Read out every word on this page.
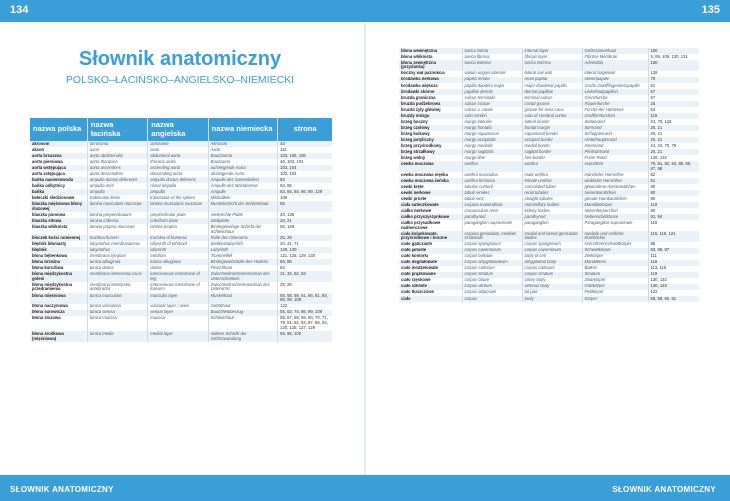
134	135
Słownik anatomiczny
POLSKO–ŁACIŃSKO–ANGIELSKO–NIEMIECKI
nazwa polska	nazwa łacińska	nazwa angielska	nazwa niemiecka	strona
akrosom	acrosoma	acrosome	Akrosom	44
akson	axon	axon	Axon	111
aorta brzuszna	aorta abdominalis	abdominal aorta	Bauchaorta	103, 105, 106
aorta piersiowa	aorta thoracica	thoracic aorta	Brustaorta	46, 103, 104
aorta wstępująca	aorta ascendens	ascending aorta	aufsteigende Aorta	103, 104
aorta zstępująca	aorta descendens	descending aorta	absteigende Aorta	103, 104
bańka nasieniowodu	ampulla ductus deferentis	ampulla ductus deferens	Ampulle des Samenleiters	84
bańka odbytnicy	ampulla recti	rectal ampulla	Ampulle des Mastdarmes	63, 85
bańka	ampulla	ampulla	Ampulle	63, 84, 84, 86, 99, 129
beleczki śledzionowe	trabeculae lienis	trabeculae of the spleen	Milzbalken	109
blaszka mięśniowa błony śluzowej	lamina muscularis mucosae	lamina muscularis mucosae	Muskelschicht der Schleimhaut	55
blaszka pionowa	lamina perpendicularis	perpendicular plate	senkrechte Platte	20, 135
blaszka sitowa	lamina cribrosa	cribriform plate	Siebplatte	20, 21
blaszka włóknista	lamina propria mucosae	lamina propria	Bindegewebige Schicht der Schleimhaut	55, 129
bloczek kości ramiennej	trochlea humeri	trochlea of humerus	Rolle des Oberarms	25, 28
błędnik błoniasty	labyrinthus membranaceus	labyrinth of ethmoid	Siebbeinlabyrinth	20, 21, 71
błędnik	labyrinthus	labyrinth	Labyrinth	129, 130
błona bębenkowa	membrana tympani	eardrum	Trommelfell	121, 128, 129, 130
błona brzeżna	tunica albuginea	tunica albuginea	Bindegewebshülle des Hodens	84, 85
błona kurczliwa	tunica dartos	dartos	Fleischhaut	84
błona międzykostna goleni	membrana interossea cruris	interosseous membrane of leg	Zwischenknochenmembran des Unterschenkels	31, 34, 52, 53
błona międzykostna przedramienia	membrana interossea antebrachii	interosseous membrane of forearm	Zwischenknochenmembran des Unterarms	25, 28
błona mięśniowa	tunica muscularis	muscular layer	Muskelhaut	55, 58, 59, 61, 66, 81, 84, 86, 99, 109
błona naczyniowa	tunica vasculosa	vascular layer / uvea	Gefäßhaut	122
błona surowicza	tunica serosa	serous layer	Bauchfellüberzug	55, 63, 74, 86, 99, 109
błona śluzowa	tunica mucosa	mucosa	Schleimhaut	55, 57, 58, 59, 60, 70, 71, 79, 81, 84, 84, 87, 88, 94, 120, 125, 127, 129
błona środkowa (mięśniowa)	tunica media	medial layer	mittlere Schicht der Gefässwandung	55, 95, 100
błona wewnętrzna	tunica intima	internal layer	Gefässinnenhaut	100
błona włóknista	tunica fibrosa	fibrous layer	Fibröse Membran	5, 99, 109, 130, 131
błona zewnętrzna (przydanka)	tunica externa	tunica externa	Adventitia	100
boczny wał paznokcia	vallum unguis lateralis	lateral nail wall	lateral Nagelwall	128
brodawka nerkowa	papilla renalis	renal papilla	Nierenpapille	79
brodawka większa	papilla duodeni major	major duodenal papilla	Große Zwölffingerdarmpapille	61
brodawki skórne	papillae dermis	dermal papillae	Lederhautpapillen	57
bruzda graniczna	sulcus terminalis	terminal sulcus	Grenzfurche	57
bruzda podżebrowa	sulcus costae	costal groove	Rippenfurche	25
bruzda żyły głównej	sulcus v. cavae	groove for vena cava	Furche der Hohlvene	64
bruzdy mózgu	sulci cerebri	sulci of cerebral cortex	Großhirnfurchen	116
brzeg boczny	margo lateralis	lateral border	Seitenrand	24, 79, 126
brzeg czołowy	margo frontalis	frontal margin	Stirnrand	20, 21
brzeg łuskowy	margo squamosus	squamosal border	Schuppenrand	20, 21
brzeg potyliczny	margo occipitalis	occipital border	Hinterhauptsrand	20, 21
brzeg przyśrodkowy	margo medialis	medial border	Innenrand	24, 34, 70, 79
brzeg strzałkowy	margo sagittalis	sagittal border	Pfeilnahtrand	20, 21
brzeg wolny	margo liber	free border	Freier Rand	128, 132
cewka moczowa	urethra	urethra	Harnröhre	79, 81, 82, 84, 85, 86, 87, 88
cewka moczowa męska	urethra masculina	male urethra	männliche Harnröhre	82
cewka moczowa żeńska	urethra feminina	female urethra	weibliche Harnröhre	81
cewki kręte	tubulus contorti	convoluted tubes	gewundene Harnkanälchen	80
cewki nerkowe	tubuli renales	renal tubules	Nierenkanälchen	80
cewki proste	tubuli recti	straight tubules	gerade Harnkanälchen	80
ciała suteczkowate	corpora mammillaria	mammillary bodies	Mamillarkörper	119
ciałko nerkowe	corpusculum renis	kidney bodies	Nierenkörperchen	80
ciałko przyszyszynkowe	parathyroid	parathyroid	Nebenschilddrüse	91, 94
ciałko przysadkowe nadnerczowe	paraganglion suprarenale	paraganglion	Paraganglion suprarenale	116
ciała kolankowate, przyśrodkowe i boczne	corpora geniculata, mediale et laterale	medial and lateral geniculate bodies	mediale und seitliche Kniehöcker	115, 116, 121
ciało gąbczaste	corpus spongiosum	corpus spongiosum	Harnröhrenschwellkörper	85
ciało jamiste	corpus cavernosum	corpus cavernosum	Schwellkörper	83, 85, 87
ciało komórki	corpus cellulae	body of cell	Zellkörper	111
ciało migdałowate	corpus amygdaloideum	amygdaloid body	Mandelkern	116
ciało modzelowate	corpus callosum	corpus callosum	Balken	113, 116
ciało prążkowane	corpus striatum	corpus striatum	Striatum	119
ciało rzęskowe	corpus ciliare	ciliary body	Ziliarkörper	130, 132
ciało szkliste	corpus vitreum	vitreous body	Glaskörper	130, 133
ciało tłuszczowe	corpus adiposum	fat pad	Fettkörper	122
ciało	corpus	body	Körper	58, 59, 60, 61
SŁOWNIK ANATOMICZNY	SŁOWNIK ANATOMICZNY
